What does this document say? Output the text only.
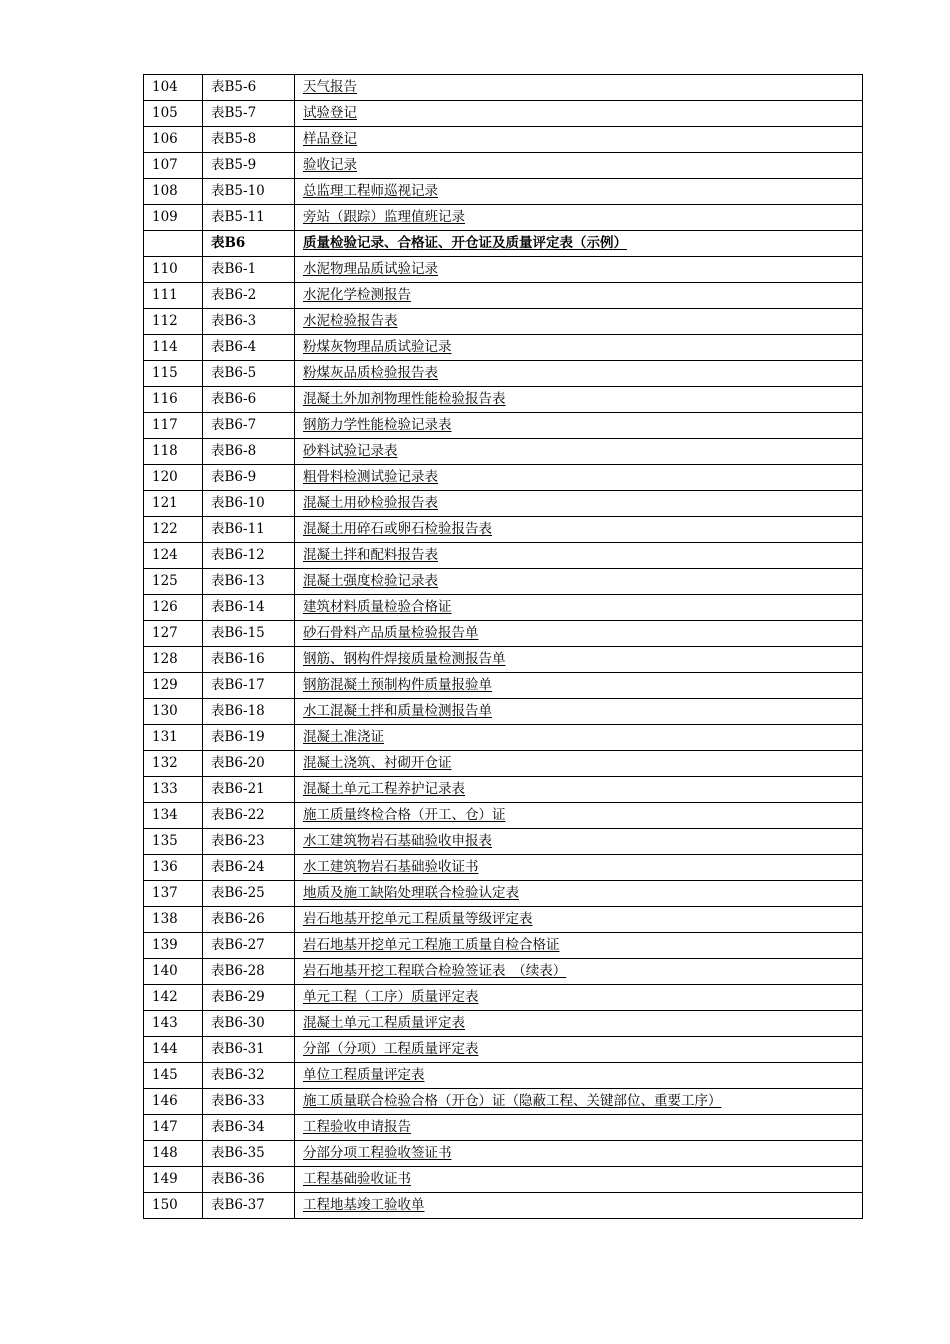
104	表B5-6	天气报告
105	表B5-7	试验登记
106	表B5-8	样品登记
107	表B5-9	验收记录
108	表B5-10	总监理工程师巡视记录
109	表B5-11	旁站（跟踪）监理值班记录
	表B6	质量检验记录、合格证、开仓证及质量评定表（示例）
110	表B6-1	水泥物理品质试验记录
111	表B6-2	水泥化学检测报告
112	表B6-3	水泥检验报告表
114	表B6-4	粉煤灰物理品质试验记录
115	表B6-5	粉煤灰品质检验报告表
116	表B6-6	混凝土外加剂物理性能检验报告表
117	表B6-7	钢筋力学性能检验记录表
118	表B6-8	砂料试验记录表
120	表B6-9	粗骨料检测试验记录表
121	表B6-10	混凝土用砂检验报告表
122	表B6-11	混凝土用碎石或卵石检验报告表
124	表B6-12	混凝土拌和配料报告表
125	表B6-13	混凝土强度检验记录表
126	表B6-14	建筑材料质量检验合格证
127	表B6-15	砂石骨料产品质量检验报告单
128	表B6-16	钢筋、钢构件焊接质量检测报告单
129	表B6-17	钢筋混凝土预制构件质量报验单
130	表B6-18	水工混凝土拌和质量检测报告单
131	表B6-19	混凝土准浇证
132	表B6-20	混凝土浇筑、衬砌开仓证
133	表B6-21	混凝土单元工程养护记录表
134	表B6-22	施工质量终检合格（开工、仓）证
135	表B6-23	水工建筑物岩石基础验收申报表
136	表B6-24	水工建筑物岩石基础验收证书
137	表B6-25	地质及施工缺陷处理联合检验认定表
138	表B6-26	岩石地基开挖单元工程质量等级评定表
139	表B6-27	岩石地基开挖单元工程施工质量自检合格证
140	表B6-28	岩石地基开挖工程联合检验签证表　（续表）
142	表B6-29	单元工程（工序）质量评定表
143	表B6-30	混凝土单元工程质量评定表
144	表B6-31	分部（分项）工程质量评定表
145	表B6-32	单位工程质量评定表
146	表B6-33	施工质量联合检验合格（开仓）证（隐蔽工程、关键部位、重要工序）
147	表B6-34	工程验收申请报告
148	表B6-35	分部分项工程验收签证书
149	表B6-36	工程基础验收证书
150	表B6-37	工程地基竣工验收单
